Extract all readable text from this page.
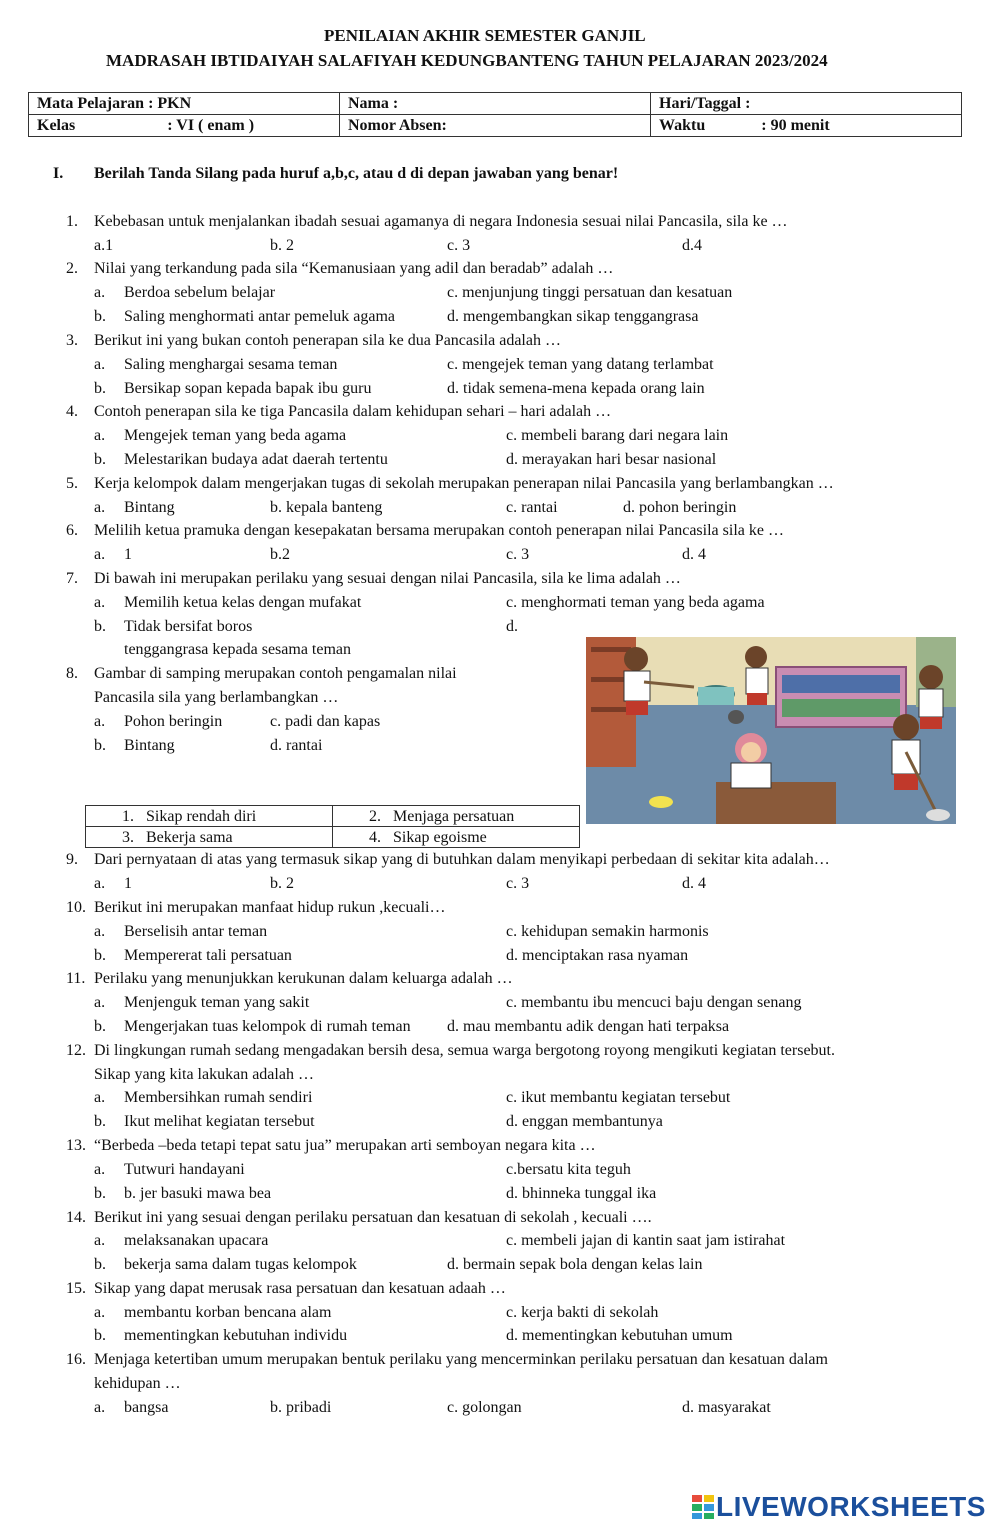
PENILAIAN AKHIR SEMESTER GANJIL
MADRASAH IBTIDAIYAH SALAFIYAH KEDUNGBANTENG TAHUN PELAJARAN 2023/2024
Mata Pelajaran : PKN	Nama :	Hari/Taggal :
Kelas : VI ( enam )	Nomor Absen:	Waktu : 90 menit
I. Berilah Tanda Silang pada huruf a,b,c, atau d di depan jawaban yang benar!
1. Kebebasan untuk menjalankan ibadah sesuai agamanya di negara Indonesia sesuai nilai Pancasila, sila ke …
a.1	b. 2	c. 3	d.4
2. Nilai yang terkandung pada sila “Kemanusiaan yang adil dan beradab” adalah …
a. Berdoa sebelum belajar	c. menjunjung tinggi persatuan dan kesatuan
b. Saling menghormati antar pemeluk agama	d. mengembangkan sikap tenggangrasa
3. Berikut ini yang bukan contoh penerapan sila ke dua Pancasila adalah …
a. Saling menghargai sesama teman	c. mengejek teman yang datang terlambat
b. Bersikap sopan kepada bapak ibu guru	d. tidak semena-mena kepada orang lain
4. Contoh penerapan sila ke tiga Pancasila dalam kehidupan sehari – hari adalah …
a. Mengejek teman yang beda agama	c. membeli barang dari negara lain
b. Melestarikan budaya adat daerah tertentu	d. merayakan hari besar nasional
5. Kerja kelompok dalam mengerjakan tugas di sekolah merupakan penerapan nilai Pancasila yang berlambangkan …
a. Bintang	b. kepala banteng	c. rantai	d. pohon beringin
6. Melilih ketua pramuka dengan kesepakatan bersama merupakan contoh penerapan nilai Pancasila sila ke …
a. 1	b.2	c. 3	d. 4
7. Di bawah ini merupakan perilaku yang sesuai dengan nilai Pancasila, sila ke lima adalah …
a. Memilih ketua kelas dengan mufakat	c. menghormati teman yang beda agama
b. Tidak bersifat boros	d.
tenggangrasa kepada sesama teman
8. Gambar di samping merupakan contoh pengamalan nilai
Pancasila sila yang berlambangkan …
a. Pohon beringin	c. padi dan kapas
b. Bintang	d. rantai
1. Sikap rendah diri	2. Menjaga persatuan
3. Bekerja sama	4. Sikap egoisme
9. Dari pernyataan di atas yang termasuk sikap yang di butuhkan dalam menyikapi perbedaan di sekitar kita adalah…
a. 1	b. 2	c. 3	d. 4
10. Berikut ini merupakan manfaat hidup rukun ,kecuali…
a. Berselisih antar teman	c. kehidupan semakin harmonis
b. Mempererat tali persatuan	d. menciptakan rasa nyaman
11. Perilaku yang menunjukkan kerukunan dalam keluarga adalah …
a. Menjenguk teman yang sakit	c. membantu ibu mencuci baju dengan senang
b. Mengerjakan tuas kelompok di rumah teman d. mau membantu adik dengan hati terpaksa
12. Di lingkungan rumah sedang mengadakan bersih desa, semua warga bergotong royong mengikuti kegiatan tersebut.
Sikap yang kita lakukan adalah …
a. Membersihkan rumah sendiri	c. ikut membantu kegiatan tersebut
b. Ikut melihat kegiatan tersebut	d. enggan membantunya
13. “Berbeda –beda tetapi tepat satu jua” merupakan arti semboyan negara kita …
a. Tutwuri handayani	c.bersatu kita teguh
b. b. jer basuki mawa bea	d. bhinneka tunggal ika
14. Berikut ini yang sesuai dengan perilaku persatuan dan kesatuan di sekolah , kecuali ….
a. melaksanakan upacara	c. membeli jajan di kantin saat jam istirahat
b. bekerja sama dalam tugas kelompok	d. bermain sepak bola dengan kelas lain
15. Sikap yang dapat merusak rasa persatuan dan kesatuan adaah …
a. membantu korban bencana alam	c. kerja bakti di sekolah
b. mementingkan kebutuhan individu	d. mementingkan kebutuhan umum
16. Menjaga ketertiban umum merupakan bentuk perilaku yang mencerminkan perilaku persatuan dan kesatuan dalam
kehidupan …
a. bangsa	b. pribadi	c. golongan	d. masyarakat
LIVEWORKSHEETS
